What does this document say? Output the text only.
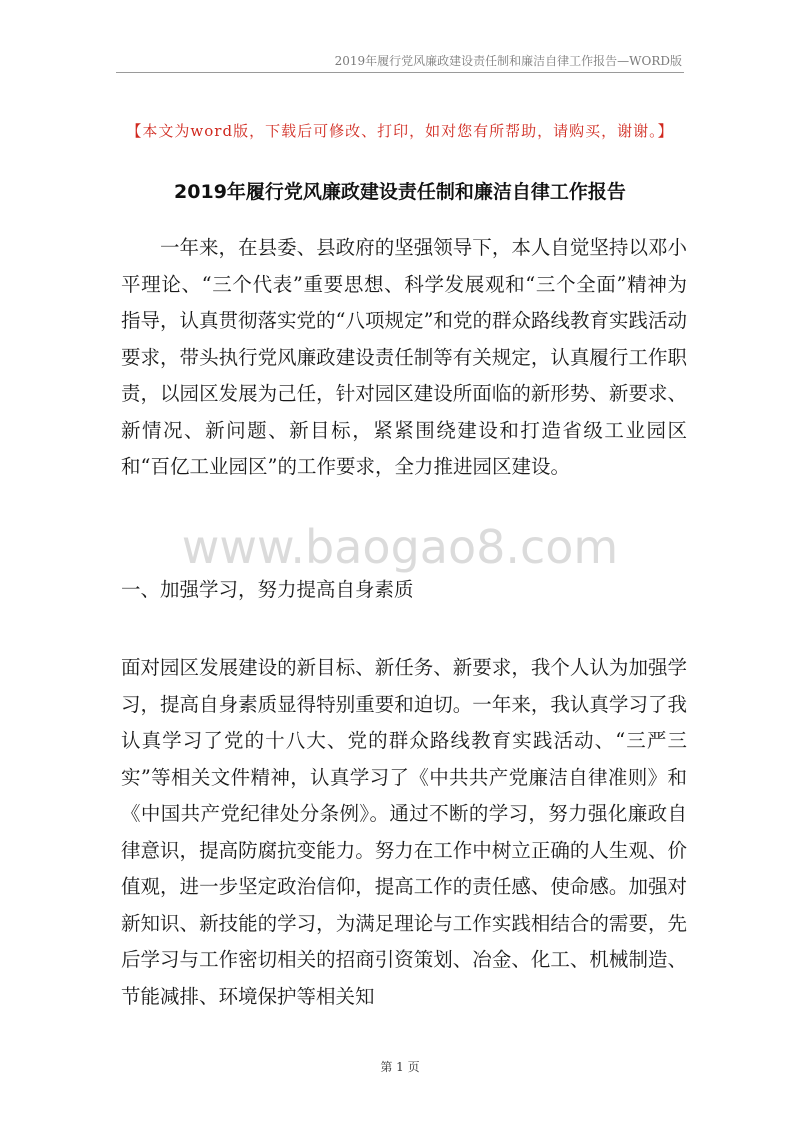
2019年履行党风廉政建设责任制和廉洁自律工作报告—WORD版
【本文为word版，下载后可修改、打印，如对您有所帮助，请购买，谢谢。】
2019年履行党风廉政建设责任制和廉洁自律工作报告

一年来，在县委、县政府的坚强领导下，本人自觉坚持以邓小平理论、“三个代表”重要思想、科学发展观和“三个全面”精神为指导，认真贯彻落实党的“八项规定”和党的群众路线教育实践活动要求，带头执行党风廉政建设责任制等有关规定，认真履行工作职责，以园区发展为己任，针对园区建设所面临的新形势、新要求、新情况、新问题、新目标，紧紧围绕建设和打造省级工业园区和“百亿工业园区”的工作要求，全力推进园区建设。

www.baogao8.com
一、加强学习，努力提高自身素质

面对园区发展建设的新目标、新任务、新要求，我个人认为加强学习，提高自身素质显得特别重要和迫切。一年来，我认真学习了我认真学习了党的十八大、党的群众路线教育实践活动、“三严三实”等相关文件精神，认真学习了《中共共产党廉洁自律准则》和《中国共产党纪律处分条例》。通过不断的学习，努力强化廉政自律意识，提高防腐抗变能力。努力在工作中树立正确的人生观、价值观，进一步坚定政治信仰，提高工作的责任感、使命感。加强对新知识、新技能的学习，为满足理论与工作实践相结合的需要，先后学习与工作密切相关的招商引资策划、冶金、化工、机械制造、节能减排、环境保护等相关知

第 1 页
